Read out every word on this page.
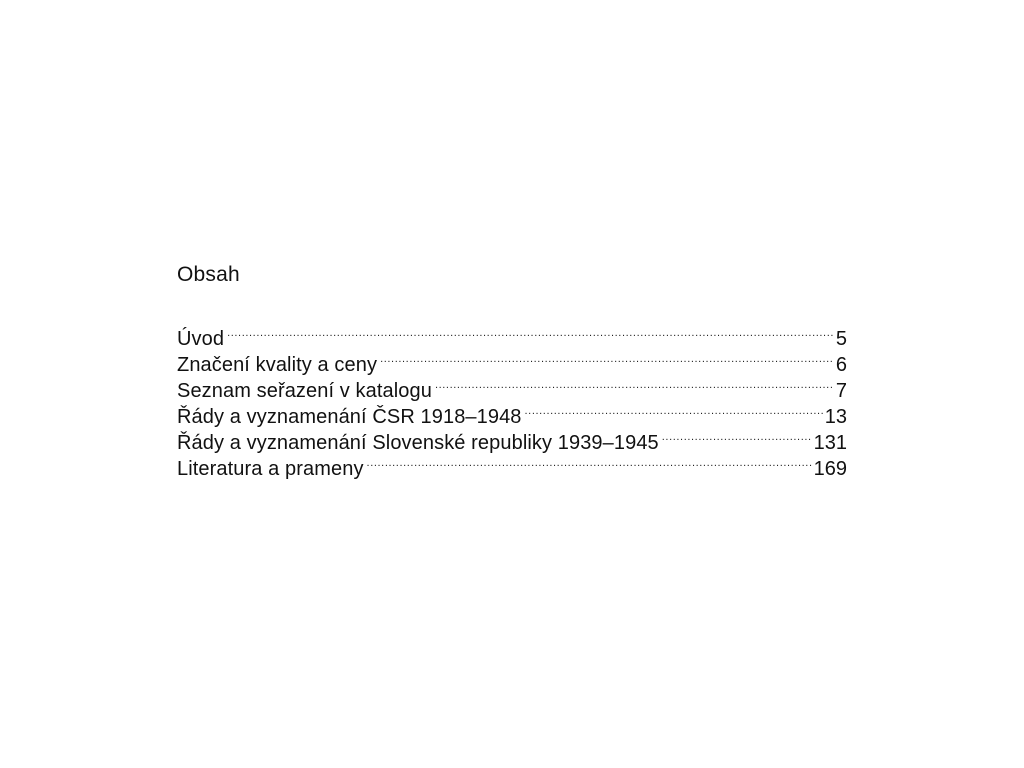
Obsah
Úvod .....	5
Značení kvality a ceny .....	6
Seznam seřazení v katalogu .....	7
Řády a vyznamenání ČSR 1918–1948 .....	13
Řády a vyznamenání Slovenské republiky 1939–1945 .....	131
Literatura a prameny .....	169
